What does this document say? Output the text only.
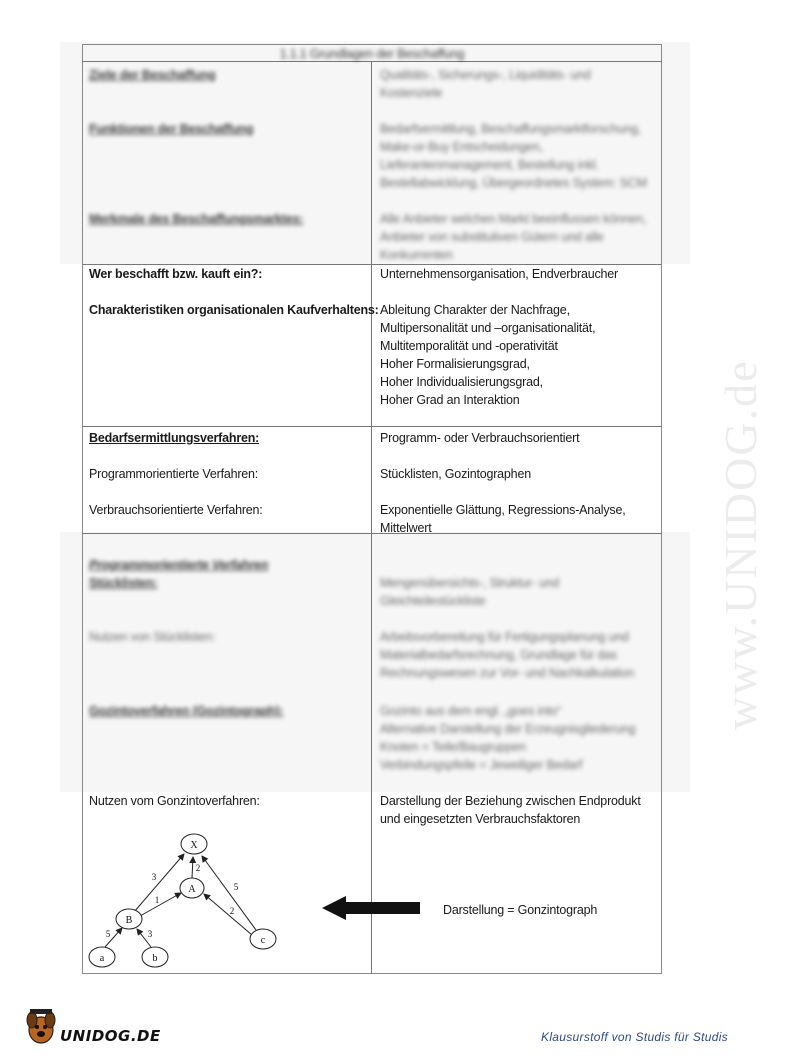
1.1.1 Grundlagen der Beschaffung
Ziele der Beschaffung	Qualitäts-, Sicherungs-, Liquiditäts- und
Kostenziele
Funktionen der Beschaffung	Bedarfsermittlung, Beschaffungsmarktforschung,
Make-or-Buy Entscheidungen,
Lieferantenmanagement, Bestellung inkl.
Bestellabwicklung, Übergeordnetes System: SCM
Merkmale des Beschaffungsmarktes:	Alle Anbieter welchen Markt beeinflussen können,
Anbieter von substitutiven Gütern und alle
Konkurrenten
Wer beschafft bzw. kauft ein?:	Unternehmensorganisation, Endverbraucher
Charakteristiken organisationalen Kaufverhaltens: Ableitung Charakter der Nachfrage,
Multipersonalität und –organisationalität,
Multitemporalität und -operativität
Hoher Formalisierungsgrad,
Hoher Individualisierungsgrad,
Hoher Grad an Interaktion
Bedarfsermittlungsverfahren:	Programm- oder Verbrauchsorientiert
Programmorientierte Verfahren:	Stücklisten, Gozintographen
Verbrauchsorientierte Verfahren:	Exponentielle Glättung, Regressions-Analyse,
Mittelwert
Programmorientierte Verfahren
Stücklisten:	Mengenübersichts-, Struktur- und
Gleichteilestückliste
Nutzen von Stücklisten:	Arbeitsvorbereitung für Fertigungsplanung und
Materialbedarfsrechnung, Grundlage für das
Rechnungswesen zur Vor- und Nachkalkulation
Gozintoverfahren (Gozintograph):	Gozinto aus dem engl. „goes into“
Alternative Darstellung der Erzeugnisgliederung
Knoten = Teile/Baugruppen
Verbindungspfeile = Jeweiliger Bedarf
Nutzen vom Gonzintoverfahren:	Darstellung der Beziehung zwischen Endprodukt
und eingesetzten Verbrauchsfaktoren
X
A
B
a	b
c
3
2
5
1
2
5	3
Darstellung = Gonzintograph
www.UNIDOG.de
UNIDOG.DE	Klausurstoff von Studis für Studis
